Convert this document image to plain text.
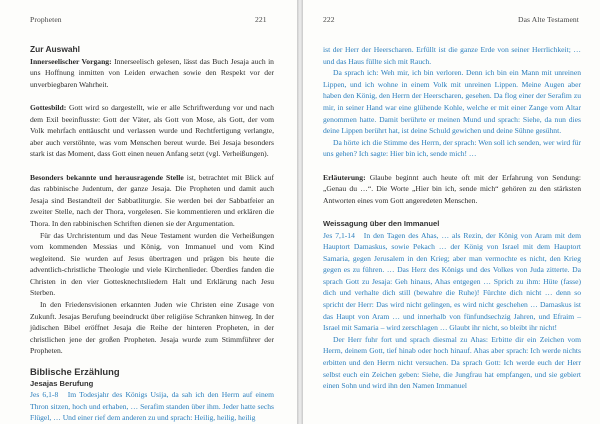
Propheten	221
Zur Auswahl

Innerseelischer Vorgang: Innerseelisch gelesen, lässt das Buch Jesaja auch in uns Hoffnung inmitten von Leiden erwachen sowie den Respekt vor der unverbiegbaren Wahrheit.

Gottesbild: Gott wird so dargestellt, wie er alle Schriftwerdung vor und nach dem Exil beeinflusste: Gott der Väter, als Gott von Mose, als Gott, der vom Volk mehrfach enttäuscht und verlassen wurde und Rechtfertigung verlangte, aber auch verstöhnte, was vom Menschen bereut wurde. Bei Jesaja besonders stark ist das Moment, dass Gott einen neuen Anfang setzt (vgl. Verheißungen).

Besonders bekannte und herausragende Stelle ist, betrachtet mit Blick auf das rabbinische Judentum, der ganze Jesaja. Die Propheten und damit auch Jesaja sind Bestandteil der Sabbatliturgie. Sie werden bei der Sabbatfeier an zweiter Stelle, nach der Thora, vorgelesen. Sie kommentieren und erklären die Thora. In den rabbinischen Schriften dienen sie der Argumentation.

Für das Urchristentum und das Neue Testament wurden die Verheißungen vom kommenden Messias und König, von Immanuel und vom Kind wegleitend. Sie wurden auf Jesus übertragen und prägen bis heute die adventlich-christliche Theologie und viele Kirchenlieder. Überdies fanden die Christen in den vier Gottesknechtsliedern Halt und Erklärung nach Jesu Sterben.

In den Friedensvisionen erkannten Juden wie Christen eine Zusage von Zukunft. Jesajas Berufung beeindruckt über religiöse Schranken hinweg. In der jüdischen Bibel eröffnet Jesaja die Reihe der hinteren Propheten, in der christlichen jene der großen Propheten. Jesaja wurde zum Stimmführer der Propheten.

Biblische Erzählung
Jesajas Berufung

Jes 6,1-8 Im Todesjahr des Königs Usija, da sah ich den Herrn auf einem Thron sitzen, hoch und erhaben, … Serafim standen über ihm. Jeder hatte sechs Flügel, … Und einer rief dem anderen zu und sprach: Heilig, heilig, heilig

222	Das Alte Testament

ist der Herr der Heerscharen. Erfüllt ist die ganze Erde von seiner Herrlichkeit; … und das Haus füllte sich mit Rauch.

Da sprach ich: Weh mir, ich bin verloren. Denn ich bin ein Mann mit unreinen Lippen, und ich wohne in einem Volk mit unreinen Lippen. Meine Augen aber haben den König, den Herrn der Heerscharen, gesehen. Da flog einer der Serafim zu mir, in seiner Hand war eine glühende Kohle, welche er mit einer Zange vom Altar genommen hatte. Damit berührte er meinen Mund und sprach: Siehe, da nun dies deine Lippen berührt hat, ist deine Schuld gewichen und deine Sühne gesühnt.

Da hörte ich die Stimme des Herrn, der sprach: Wen soll ich senden, wer wird für uns gehen? Ich sagte: Hier bin ich, sende mich! …

Erläuterung: Glaube beginnt auch heute oft mit der Erfahrung von Sendung: „Genau du …“. Die Worte „Hier bin ich, sende mich“ gehören zu den stärksten Antworten eines vom Gott angeredeten Menschen.

Weissagung über den Immanuel

Jes 7,1-14 In den Tagen des Ahas, … als Rezin, der König von Aram mit dem Hauptort Damaskus, sowie Pekach … der König von Israel mit dem Hauptort Samaria, gegen Jerusalem in den Krieg; aber man vermochte es nicht, den Krieg gegen es zu führen. … Das Herz des Königs und des Volkes von Juda zitterte. Da sprach Gott zu Jesaja: Geh hinaus, Ahas entgegen … Sprich zu ihm: Hüte (fasse) dich und verhalte dich still (bewahre die Ruhe)! Fürchte dich nicht … denn so spricht der Herr: Das wird nicht gelingen, es wird nicht geschehen … Damaskus ist das Haupt von Aram … und innerhalb von fünfundsechzig Jahren, und Efraim – Israel mit Samaria – wird zerschlagen … Glaubt ihr nicht, so bleibt ihr nicht!

Der Herr fuhr fort und sprach diesmal zu Ahas: Erbitte dir ein Zeichen vom Herrn, deinem Gott, tief hinab oder hoch hinauf. Ahas aber sprach: Ich werde nichts erbitten und den Herrn nicht versuchen. Da sprach Gott: Ich werde euch der Herr selbst euch ein Zeichen geben: Siehe, die Jungfrau hat empfangen, und sie gebiert einen Sohn und wird ihn den Namen Immanuel
